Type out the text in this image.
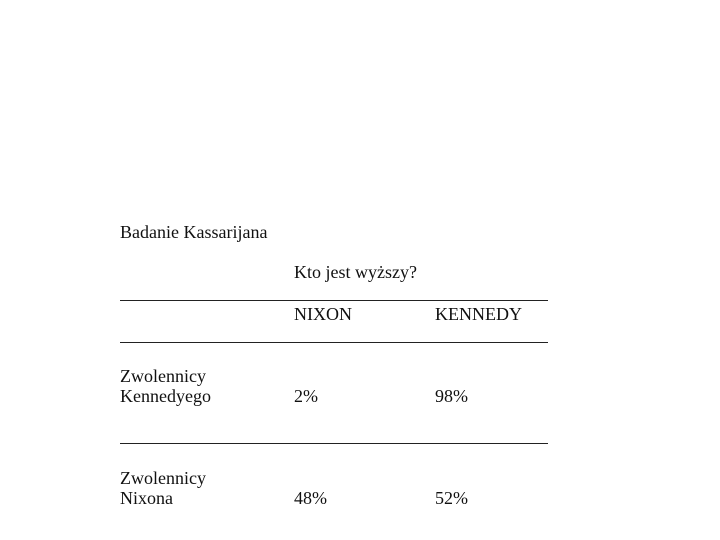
Badanie Kassarijana
Kto jest wyższy?
NIXON	KENNEDY
Zwolennicy
Kennedyego	2%	98%
Zwolennicy
Nixona	48%	52%
